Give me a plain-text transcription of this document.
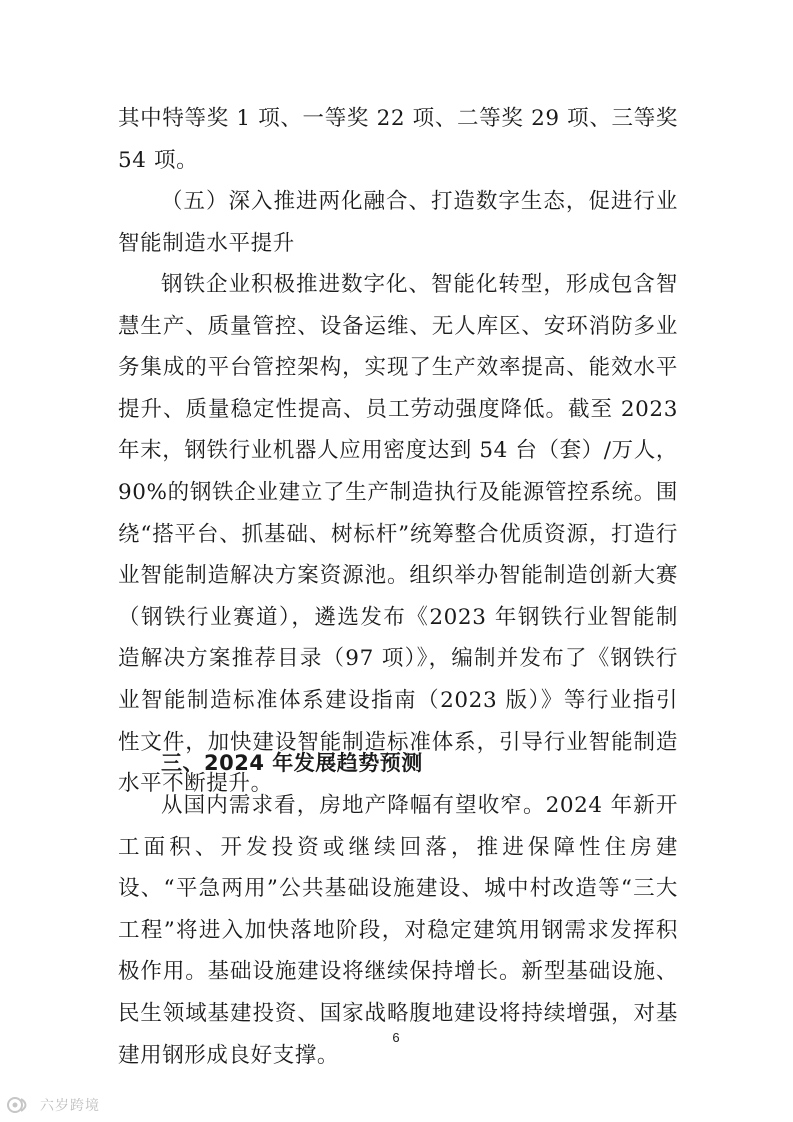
其中特等奖 1 项、一等奖 22 项、二等奖 29 项、三等奖 54 项。

（五）深入推进两化融合、打造数字生态，促进行业智能制造水平提升

钢铁企业积极推进数字化、智能化转型，形成包含智慧生产、质量管控、设备运维、无人库区、安环消防多业务集成的平台管控架构，实现了生产效率提高、能效水平提升、质量稳定性提高、员工劳动强度降低。截至 2023 年末，钢铁行业机器人应用密度达到 54 台（套）/万人，90%的钢铁企业建立了生产制造执行及能源管控系统。围绕“搭平台、抓基础、树标杆”统筹整合优质资源，打造行业智能制造解决方案资源池。组织举办智能制造创新大赛（钢铁行业赛道），遴选发布《2023 年钢铁行业智能制造解决方案推荐目录（97 项）》，编制并发布了《钢铁行业智能制造标准体系建设指南（2023 版）》等行业指引性文件，加快建设智能制造标准体系，引导行业智能制造水平不断提升。

三、2024 年发展趋势预测

从国内需求看，房地产降幅有望收窄。2024 年新开工面积、开发投资或继续回落，推进保障性住房建设、“平急两用”公共基础设施建设、城中村改造等“三大工程”将进入加快落地阶段，对稳定建筑用钢需求发挥积极作用。基础设施建设将继续保持增长。新型基础设施、民生领域基建投资、国家战略腹地建设将持续增强，对基建用钢形成良好支撑。

6
六岁跨境
